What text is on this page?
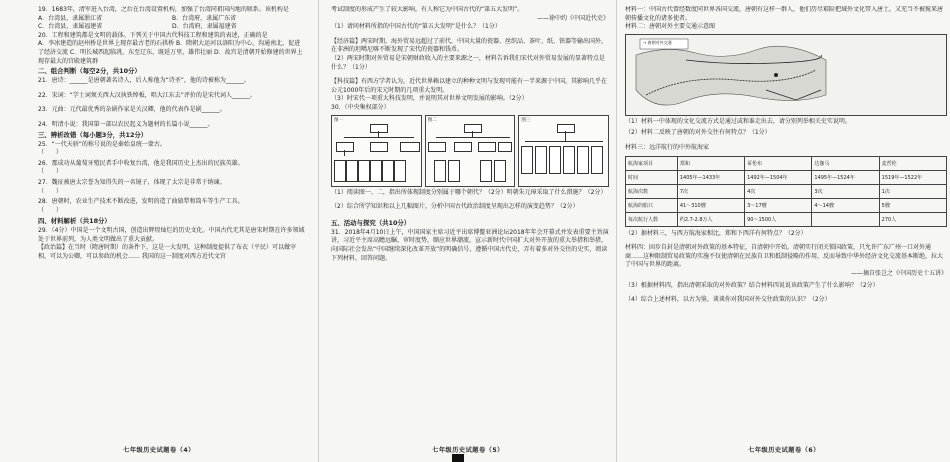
19．1683年，清军进入台湾，之后在台湾设置机构，加强了台湾同祖国内地的联系。该机构是

A．台湾县，隶属浙江省	B．台湾府，隶属广东省
C．台湾县，隶属福建省	D．台湾府，隶属福建省

20．工程和建筑都是文明的载体。下列关于中国古代科技工程和建筑的表述，正确的是

A．李冰建造的赵州桥是世界上现存最古老的石拱桥 B．隋朝大运河以洛阳为中心，沟通南北，促进了经济交流 C．明长城西起临洮，东至辽东，既延万里，雄伟壮丽 D．故宫是清朝开始修建的世界上现存最大的宫殿建筑群

二、组合判断（每空2分，共10分）

21．唐诗：______是唐朝著名诗人，后人称他为“诗圣”，他的诗被称为______。

22．宋词：“学士词须关西大汉执铁绰板，唱大江东去”评价的是宋代词人______。

23．元曲：元代最优秀的杂剧作家是关汉卿，他的代表作是剧______。

24．明清小说：我国第一部以农民起义为题材的长篇小说______。

三、辨析改错（每小题3分，共12分）

25．“一代天骄”的称号说的是秦始皇统一蒙古。

（　　）

26．那成功从葡萄牙殖民者手中收复台湾，他是我国历史上杰出的民族英雄。

（　　）

27．魏征被唐太宗誉为知得失的一名镜子，体现了太宗是非常于纳谏。

（　　）

28．唐朝时，农业生产技术不断改进，发明的造了曲辕犁和筒车等生产工具。

（　　）

四、材料解析（共18分）

29．（4分）中国是一个文明古国，创造出辉煌灿烂的历史文化。中国古代无其是唐宋时期在许多领域处于世界前列，为人类文明做出了重大贡献。

【政治篇】在当时（隋唐时期）的条件下，这是一大发明，这种制度提供了布衣（平民）可以做宰相，可以为公卿，可以参政的机会…… 我国的这一制度对西方近代文官

七年级历史试题卷（4）

考试制度的形成产生了较大影响，有人称它为中国古代的“第五大发明”。

——徐中约《中国近代史》

（1）请问材料所指的中国古代的“第五大发明”是什么？（1分）

【经济篇】两宋时期，海外贸易远超过了前代，中国大量的瓷器、丝织品、茶叶、纸、铁器等输出国外，在非洲的坦噶尼喀不断发现了宋代的瓷器和钱币。

（2）两宋时期对外贸易是宋朝财政收入的主要来源之一，材料告诉我们宋代对外贸易发展的显著特点是什么？（1分）

【科技篇】有西方学者认为，近代世界赖以建立的种种文明与发现可能有一半来源于中国，其影响几乎在公元1000年后的宋元时期的几项重大发明。

（3）时宋代一项重大科技发明，并说明其对世界文明发展的影响。（2分）

30．（中央集权部分）

图一	图二	图三

（1）阅读图一、二，指出所体现制度分别属于哪个朝代？（2分）明朝朱元璋采取了什么措施？（2分）

（2）综合所学知识和以上几幅图片，分析中国古代政治制度呈现出怎样的演变趋势？（2分）

五、活动与探究（共10分）

31．2018年4月10日上午，中国国家主席习近平出席博鳌亚洲论坛2018年年会开幕式并发表重要主旨演讲，习近平主席高瞻远瞩，审时度势，顺应世界潮流，宣示新时代中国扩大对外开放的重大举措和举措，向国际社会发出“中国继续深化改革开放”的明确信号，遵循中国古代史，弄有着多对外交往的史实，阅读下列材料，回答问题。

七年级历史试题卷（5）

材料一：中国古代曾经数度同世界各国交流，唐朝有这样一群人，他们历尽艰险把域外文化带入唐土，又充当不被搅来唐朝传播文化的诸多使者。

材料二：唐朝对外主要交通示意图

→ 唐朝对外交通

（1）材料一中体现的文化交流方式是通过或和谁走出去，请分别列举相关史实说明。

（2）材料二反映了唐朝的对外交往有何特点？（1分）

材料三：远洋航行的中外航海家

航海家项目	郑和	哥伦布	达伽马	麦哲伦
时间	1405年—1433年	1492年—1504年	1495年—1524年	1519年—1522年
航海次数	7次	4次	3次	1次
航海的船只	41～310艘	3～17艘	4～14艘	5艘
每次航行人数	约2.7-2.8万人	90～1500人		270人

（2）据材料三，与西方航海家相比，郑和下西洋有何特点？（2分）

材料四：固步自封是清朝对外政策的基本特征，自清朝中开始，清朝实行闭关锁国政策，只允许广东广州一口对外通商……这种限制贸易政策的实施不仅使清朝在民族自卫和抵制侵略的作用，反而导致中华外经济文化交流基本断绝，拉大了中国与世界的距离。

——摘自张岂之《中国历史十五讲》

（3）根据材料四，指出清朝采取的对外政策？结合材料四说说该政策产生了什么影响？（2分）

（4）综合上述材料，以古为鉴，谈谈你对我国对外交往政策的认识？（2分）

七年级历史试题卷（6）
